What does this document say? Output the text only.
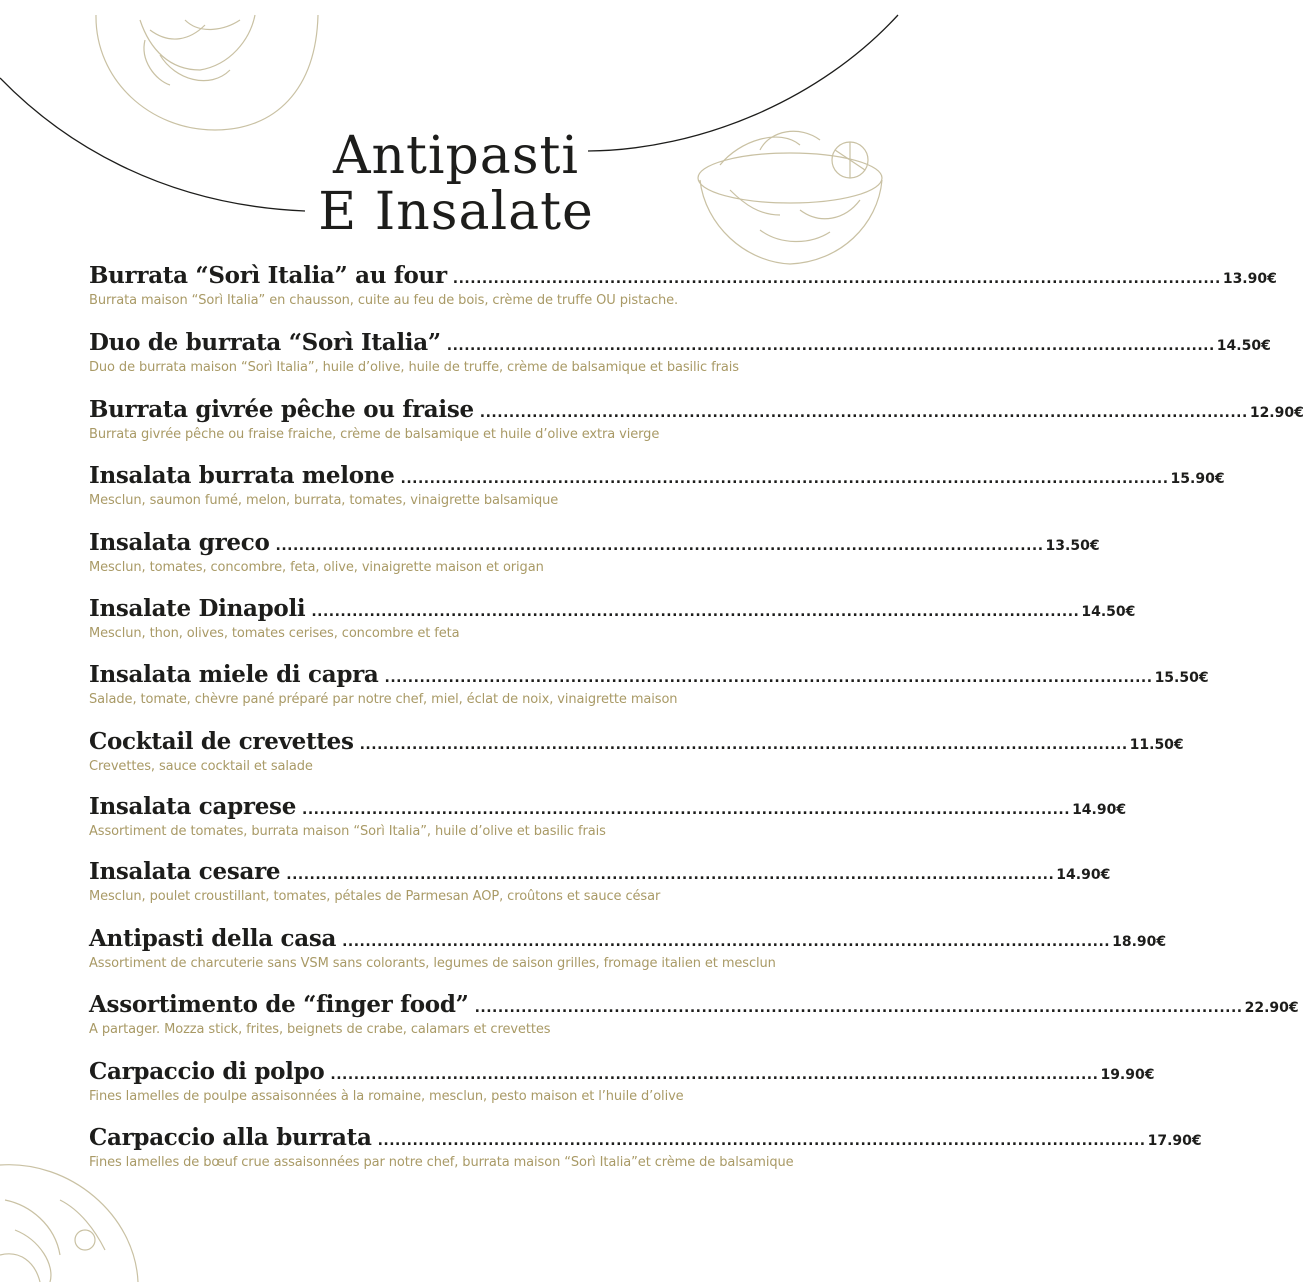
Antipasti
E Insalate
Burrata “Sorì Italia” au four .................................................................................................................................... 13.90€
Burrata maison “Sorì Italia” en chausson, cuite au feu de bois, crème de truffe OU pistache.
Duo de burrata “Sorì Italia” .................................................................................................................................... 14.50€
Duo de burrata maison “Sorì Italia”, huile d’olive, huile de truffe, crème de balsamique et basilic frais
Burrata givrée pêche ou fraise .................................................................................................................................... 12.90€
Burrata givrée pêche ou fraise fraiche, crème de balsamique et huile d’olive extra vierge
Insalata burrata melone .................................................................................................................................... 15.90€
Mesclun, saumon fumé, melon, burrata, tomates, vinaigrette balsamique
Insalata greco .................................................................................................................................... 13.50€
Mesclun, tomates, concombre, feta, olive, vinaigrette maison et origan
Insalate Dinapoli .................................................................................................................................... 14.50€
Mesclun, thon, olives, tomates cerises, concombre et feta
Insalata miele di capra .................................................................................................................................... 15.50€
Salade, tomate, chèvre pané préparé par notre chef, miel, éclat de noix, vinaigrette maison
Cocktail de crevettes .................................................................................................................................... 11.50€
Crevettes, sauce cocktail et salade
Insalata caprese .................................................................................................................................... 14.90€
Assortiment de tomates, burrata maison “Sorì Italia”, huile d’olive et basilic frais
Insalata cesare .................................................................................................................................... 14.90€
Mesclun, poulet croustillant, tomates, pétales de Parmesan AOP, croûtons et sauce césar
Antipasti della casa .................................................................................................................................... 18.90€
Assortiment de charcuterie sans VSM sans colorants, legumes de saison grilles, fromage italien et mesclun
Assortimento de “finger food” .................................................................................................................................... 22.90€
A partager. Mozza stick, frites, beignets de crabe, calamars et crevettes
Carpaccio di polpo .................................................................................................................................... 19.90€
Fines lamelles de poulpe assaisonnées à la romaine, mesclun, pesto maison et l’huile d’olive
Carpaccio alla burrata .................................................................................................................................... 17.90€
Fines lamelles de bœuf crue assaisonnées par notre chef, burrata maison “Sorì Italia”et crème de balsamique
